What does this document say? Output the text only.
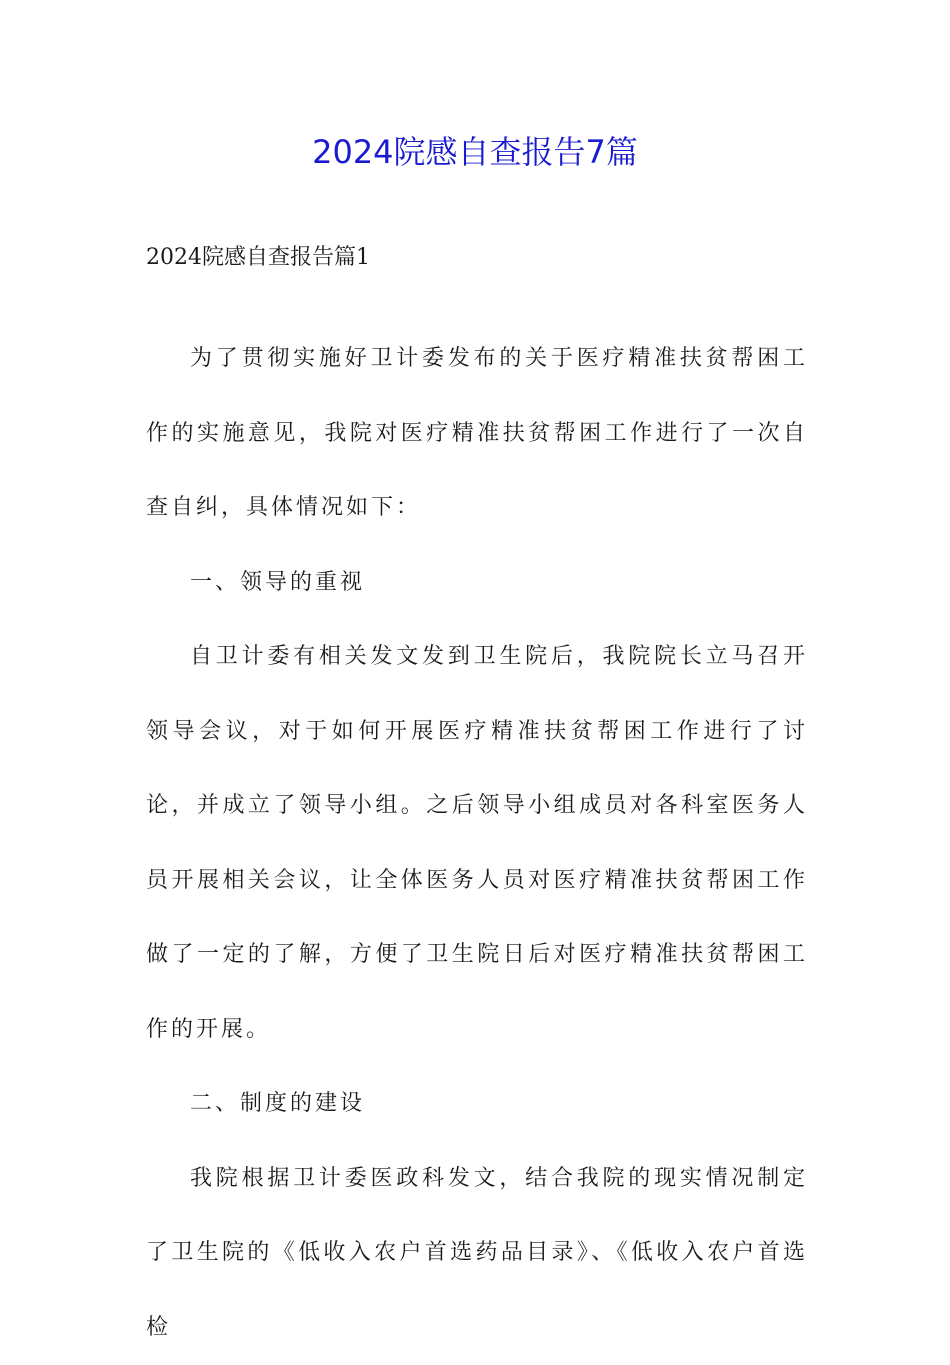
2024院感自查报告7篇

2024院感自查报告篇1

为了贯彻实施好卫计委发布的关于医疗精准扶贫帮困工作的实施意见，我院对医疗精准扶贫帮困工作进行了一次自查自纠，具体情况如下：

一、领导的重视

自卫计委有相关发文发到卫生院后，我院院长立马召开领导会议，对于如何开展医疗精准扶贫帮困工作进行了讨论，并成立了领导小组。之后领导小组成员对各科室医务人员开展相关会议，让全体医务人员对医疗精准扶贫帮困工作做了一定的了解，方便了卫生院日后对医疗精准扶贫帮困工作的开展。

二、制度的建设

我院根据卫计委医政科发文，结合我院的现实情况制定了卫生院的《低收入农户首选药品目录》、《低收入农户首选检
